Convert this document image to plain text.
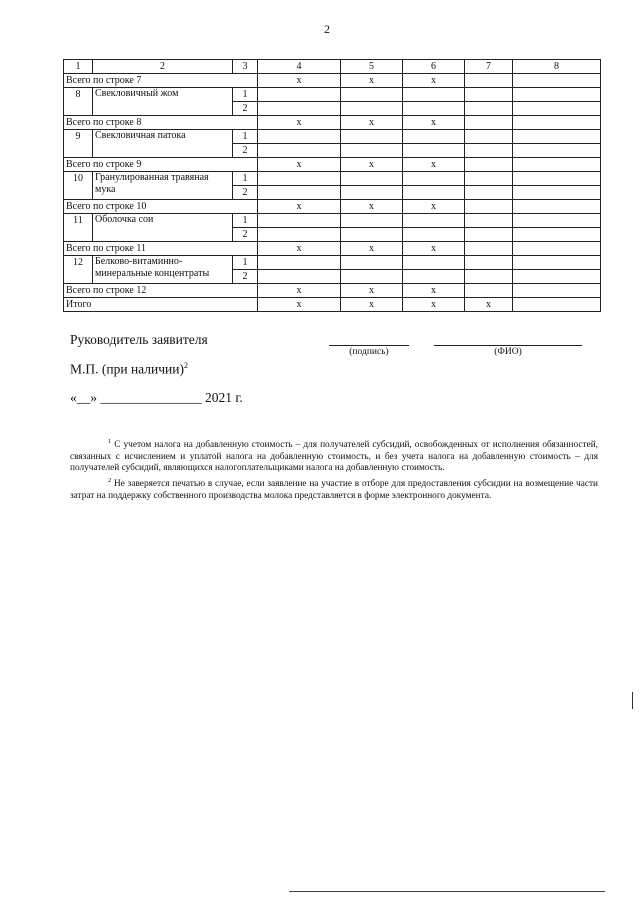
2
1	2	3	4	5	6	7	8
Всего по строке 7			x	x	x		
8	Свекловичный жом	1					
		2					
Всего по строке 8			x	x	x		
9	Свекловичная патока	1					
		2					
Всего по строке 9			x	x	x		
10	Гранулированная травяная мука	1					
		2					
Всего по строке 10			x	x	x		
11	Оболочка сои	1					
		2					
Всего по строке 11			x	x	x		
12	Белково-витаминно-минеральные концентраты	1					
		2					
Всего по строке 12			x	x	x		
Итого			x	x	x	x	
Руководитель заявителя
(подпись)	(ФИО)
М.П. (при наличии)$^2$
«__» _______________ 2021 г.

$^1$ С учетом налога на добавленную стоимость – для получателей субсидий, освобожденных от исполнения обязанностей, связанных с исчислением и уплатой налога на добавленную стоимость, и без учета налога на добавленную стоимость – для получателей субсидий, являющихся налогоплательщиками налога на добавленную стоимость.

$^2$ Не заверяется печатью в случае, если заявление на участие в отборе для предоставления субсидии на возмещение части затрат на поддержку собственного производства молока представляется в форме электронного документа.
